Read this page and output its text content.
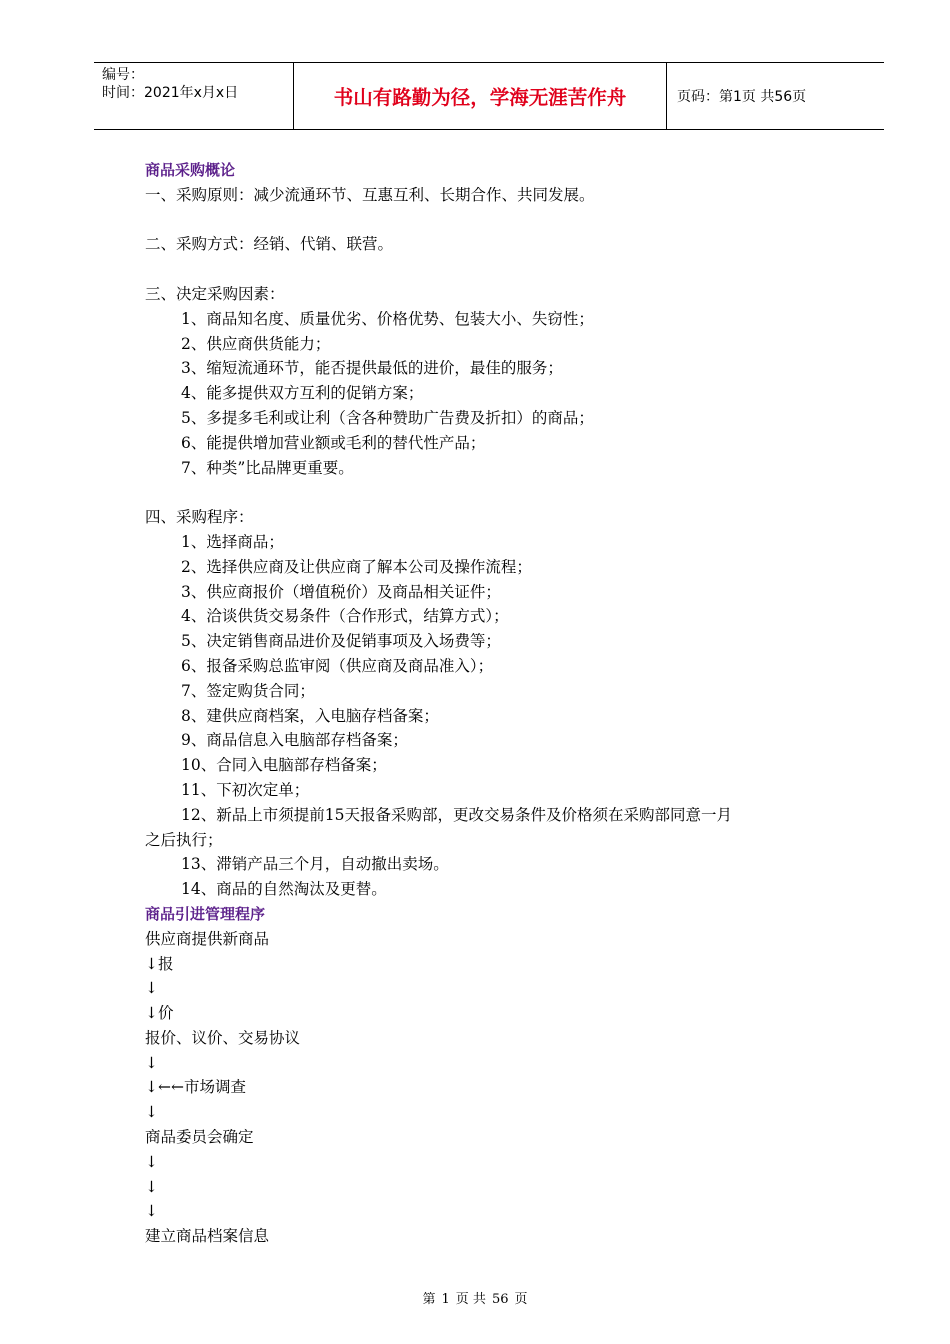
编号：
时间：2021年x月x日	书山有路勤为径，学海无涯苦作舟	页码：第1页 共56页
商品采购概论
一、采购原则：减少流通环节、互惠互利、长期合作、共同发展。
二、采购方式：经销、代销、联营。
三、决定采购因素：
1、商品知名度、质量优劣、价格优势、包装大小、失窃性；
2、供应商供货能力；
3、缩短流通环节，能否提供最低的进价，最佳的服务；
4、能多提供双方互利的促销方案；
5、多提多毛利或让利（含各种赞助广告费及折扣）的商品；
6、能提供增加营业额或毛利的替代性产品；
7、种类”比品牌更重要。
四、采购程序：
1、选择商品；
2、选择供应商及让供应商了解本公司及操作流程；
3、供应商报价（增值税价）及商品相关证件；
4、洽谈供货交易条件（合作形式，结算方式）；
5、决定销售商品进价及促销事项及入场费等；
6、报备采购总监审阅（供应商及商品准入）；
7、签定购货合同；
8、建供应商档案，入电脑存档备案；
9、商品信息入电脑部存档备案；
10、合同入电脑部存档备案；
11、下初次定单；
12、新品上市须提前15天报备采购部，更改交易条件及价格须在采购部同意一月
之后执行；
13、滞销产品三个月，自动撤出卖场。
14、商品的自然淘汰及更替。
商品引进管理程序
供应商提供新商品
↓报
↓
↓价
报价、议价、交易协议
↓
↓←←市场调查
↓
商品委员会确定
↓
↓
↓
建立商品档案信息
第 1 页 共 56 页
